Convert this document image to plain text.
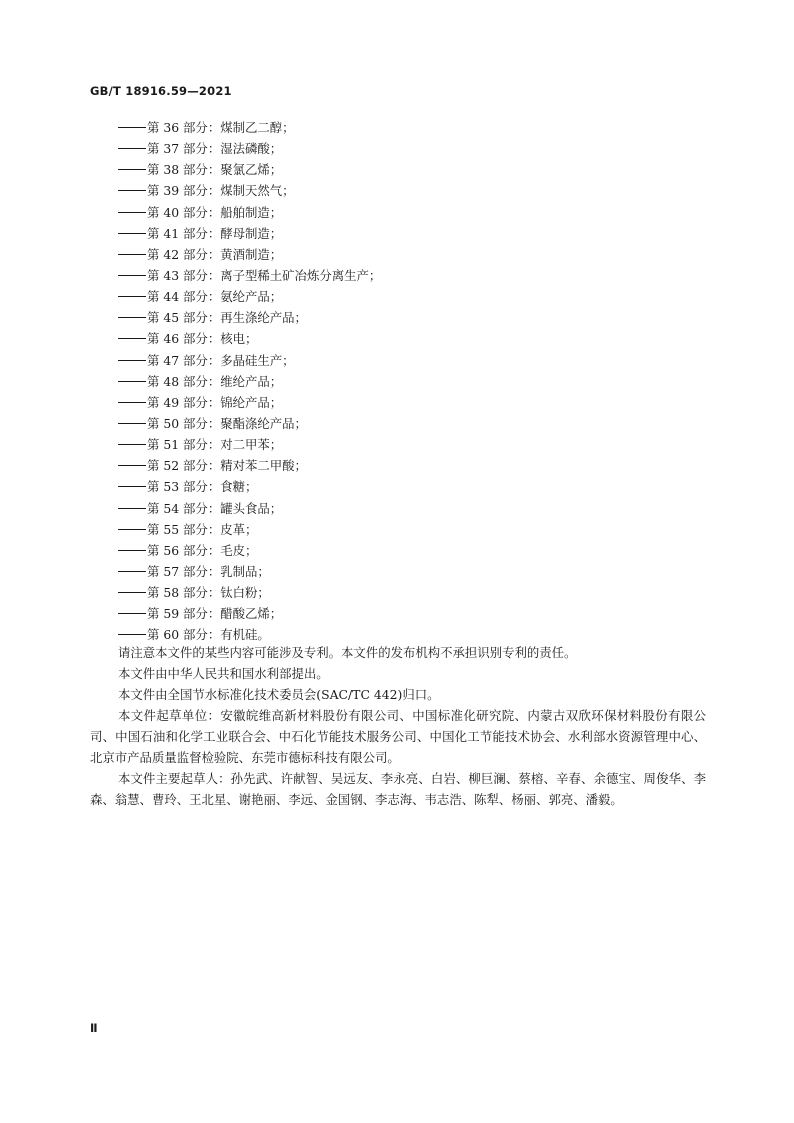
GB/T 18916.59—2021
第 36 部分：煤制乙二醇；
第 37 部分：湿法磷酸；
第 38 部分：聚氯乙烯；
第 39 部分：煤制天然气；
第 40 部分：船舶制造；
第 41 部分：酵母制造；
第 42 部分：黄酒制造；
第 43 部分：离子型稀土矿冶炼分离生产；
第 44 部分：氨纶产品；
第 45 部分：再生涤纶产品；
第 46 部分：核电；
第 47 部分：多晶硅生产；
第 48 部分：维纶产品；
第 49 部分：锦纶产品；
第 50 部分：聚酯涤纶产品；
第 51 部分：对二甲苯；
第 52 部分：精对苯二甲酸；
第 53 部分：食糖；
第 54 部分：罐头食品；
第 55 部分：皮革；
第 56 部分：毛皮；
第 57 部分：乳制品；
第 58 部分：钛白粉；
第 59 部分：醋酸乙烯；
第 60 部分：有机硅。

请注意本文件的某些内容可能涉及专利。本文件的发布机构不承担识别专利的责任。

本文件由中华人民共和国水利部提出。

本文件由全国节水标准化技术委员会(SAC/TC 442)归口。

本文件起草单位：安徽皖维高新材料股份有限公司、中国标准化研究院、内蒙古双欣环保材料股份有限公司、中国石油和化学工业联合会、中石化节能技术服务公司、中国化工节能技术协会、水利部水资源管理中心、北京市产品质量监督检验院、东莞市德标科技有限公司。

本文件主要起草人：孙先武、许献智、吴远友、李永亮、白岩、柳巨澜、蔡榕、辛春、余德宝、周俊华、李森、翁慧、曹玲、王北星、谢艳丽、李远、金国钢、李志海、韦志浩、陈犁、杨丽、郭亮、潘毅。

Ⅱ
